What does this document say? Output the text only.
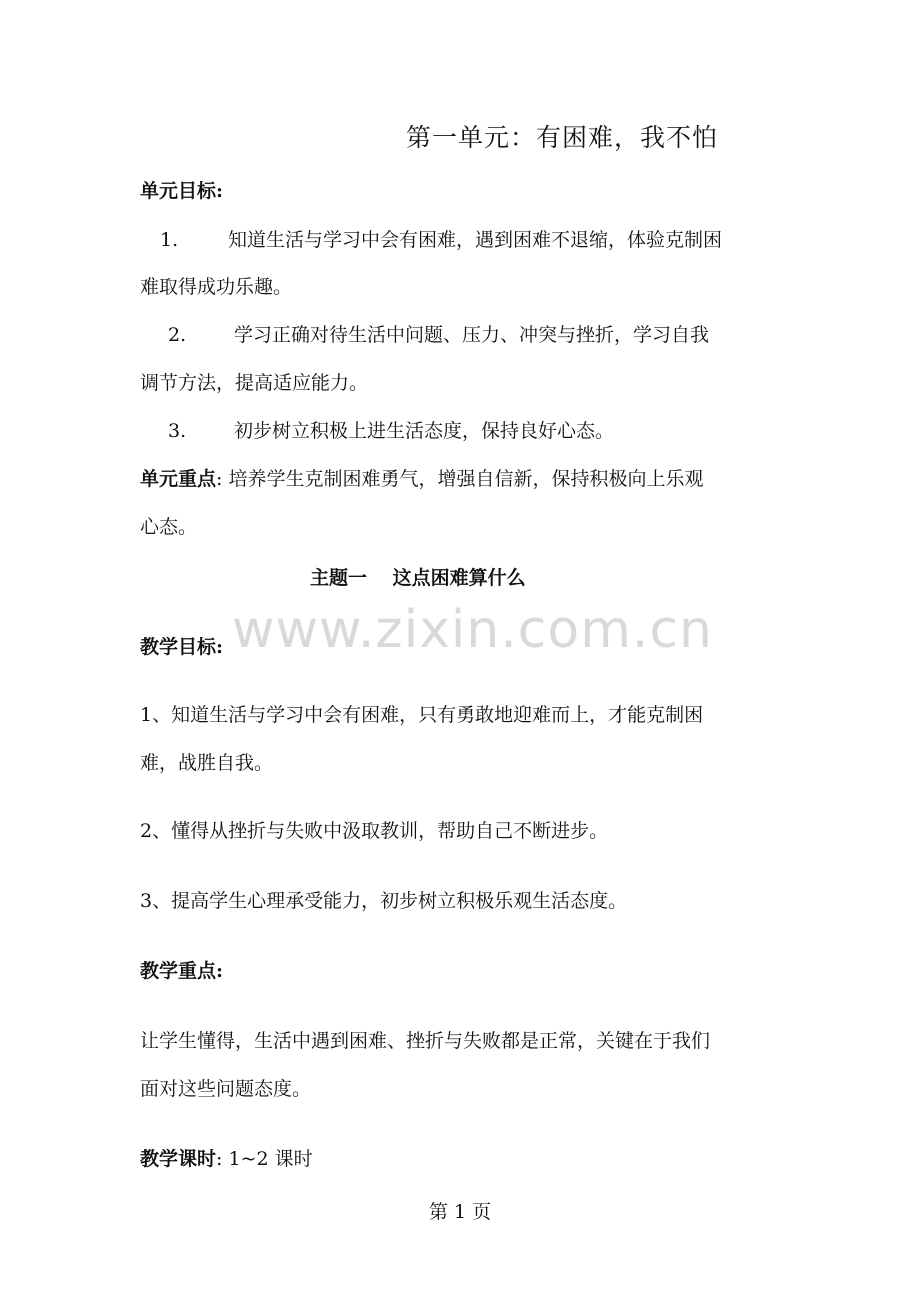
第一单元：有困难，我不怕
单元目标:
1.	知道生活与学习中会有困难，遇到困难不退缩，体验克制困
难取得成功乐趣。
2.	学习正确对待生活中问题、压力、冲突与挫折，学习自我
调节方法，提高适应能力。
3.	初步树立积极上进生活态度，保持良好心态。
单元重点: 培养学生克制困难勇气，增强自信新，保持积极向上乐观
心态。
主题一　 这点困难算什么
www.zixin.com.cn
教学目标:
1、知道生活与学习中会有困难，只有勇敢地迎难而上，才能克制困
难，战胜自我。
2、懂得从挫折与失败中汲取教训，帮助自己不断进步。
3、提高学生心理承受能力，初步树立积极乐观生活态度。
教学重点:
让学生懂得，生活中遇到困难、挫折与失败都是正常，关键在于我们
面对这些问题态度。
教学课时: 1~2 课时
第 1 页
